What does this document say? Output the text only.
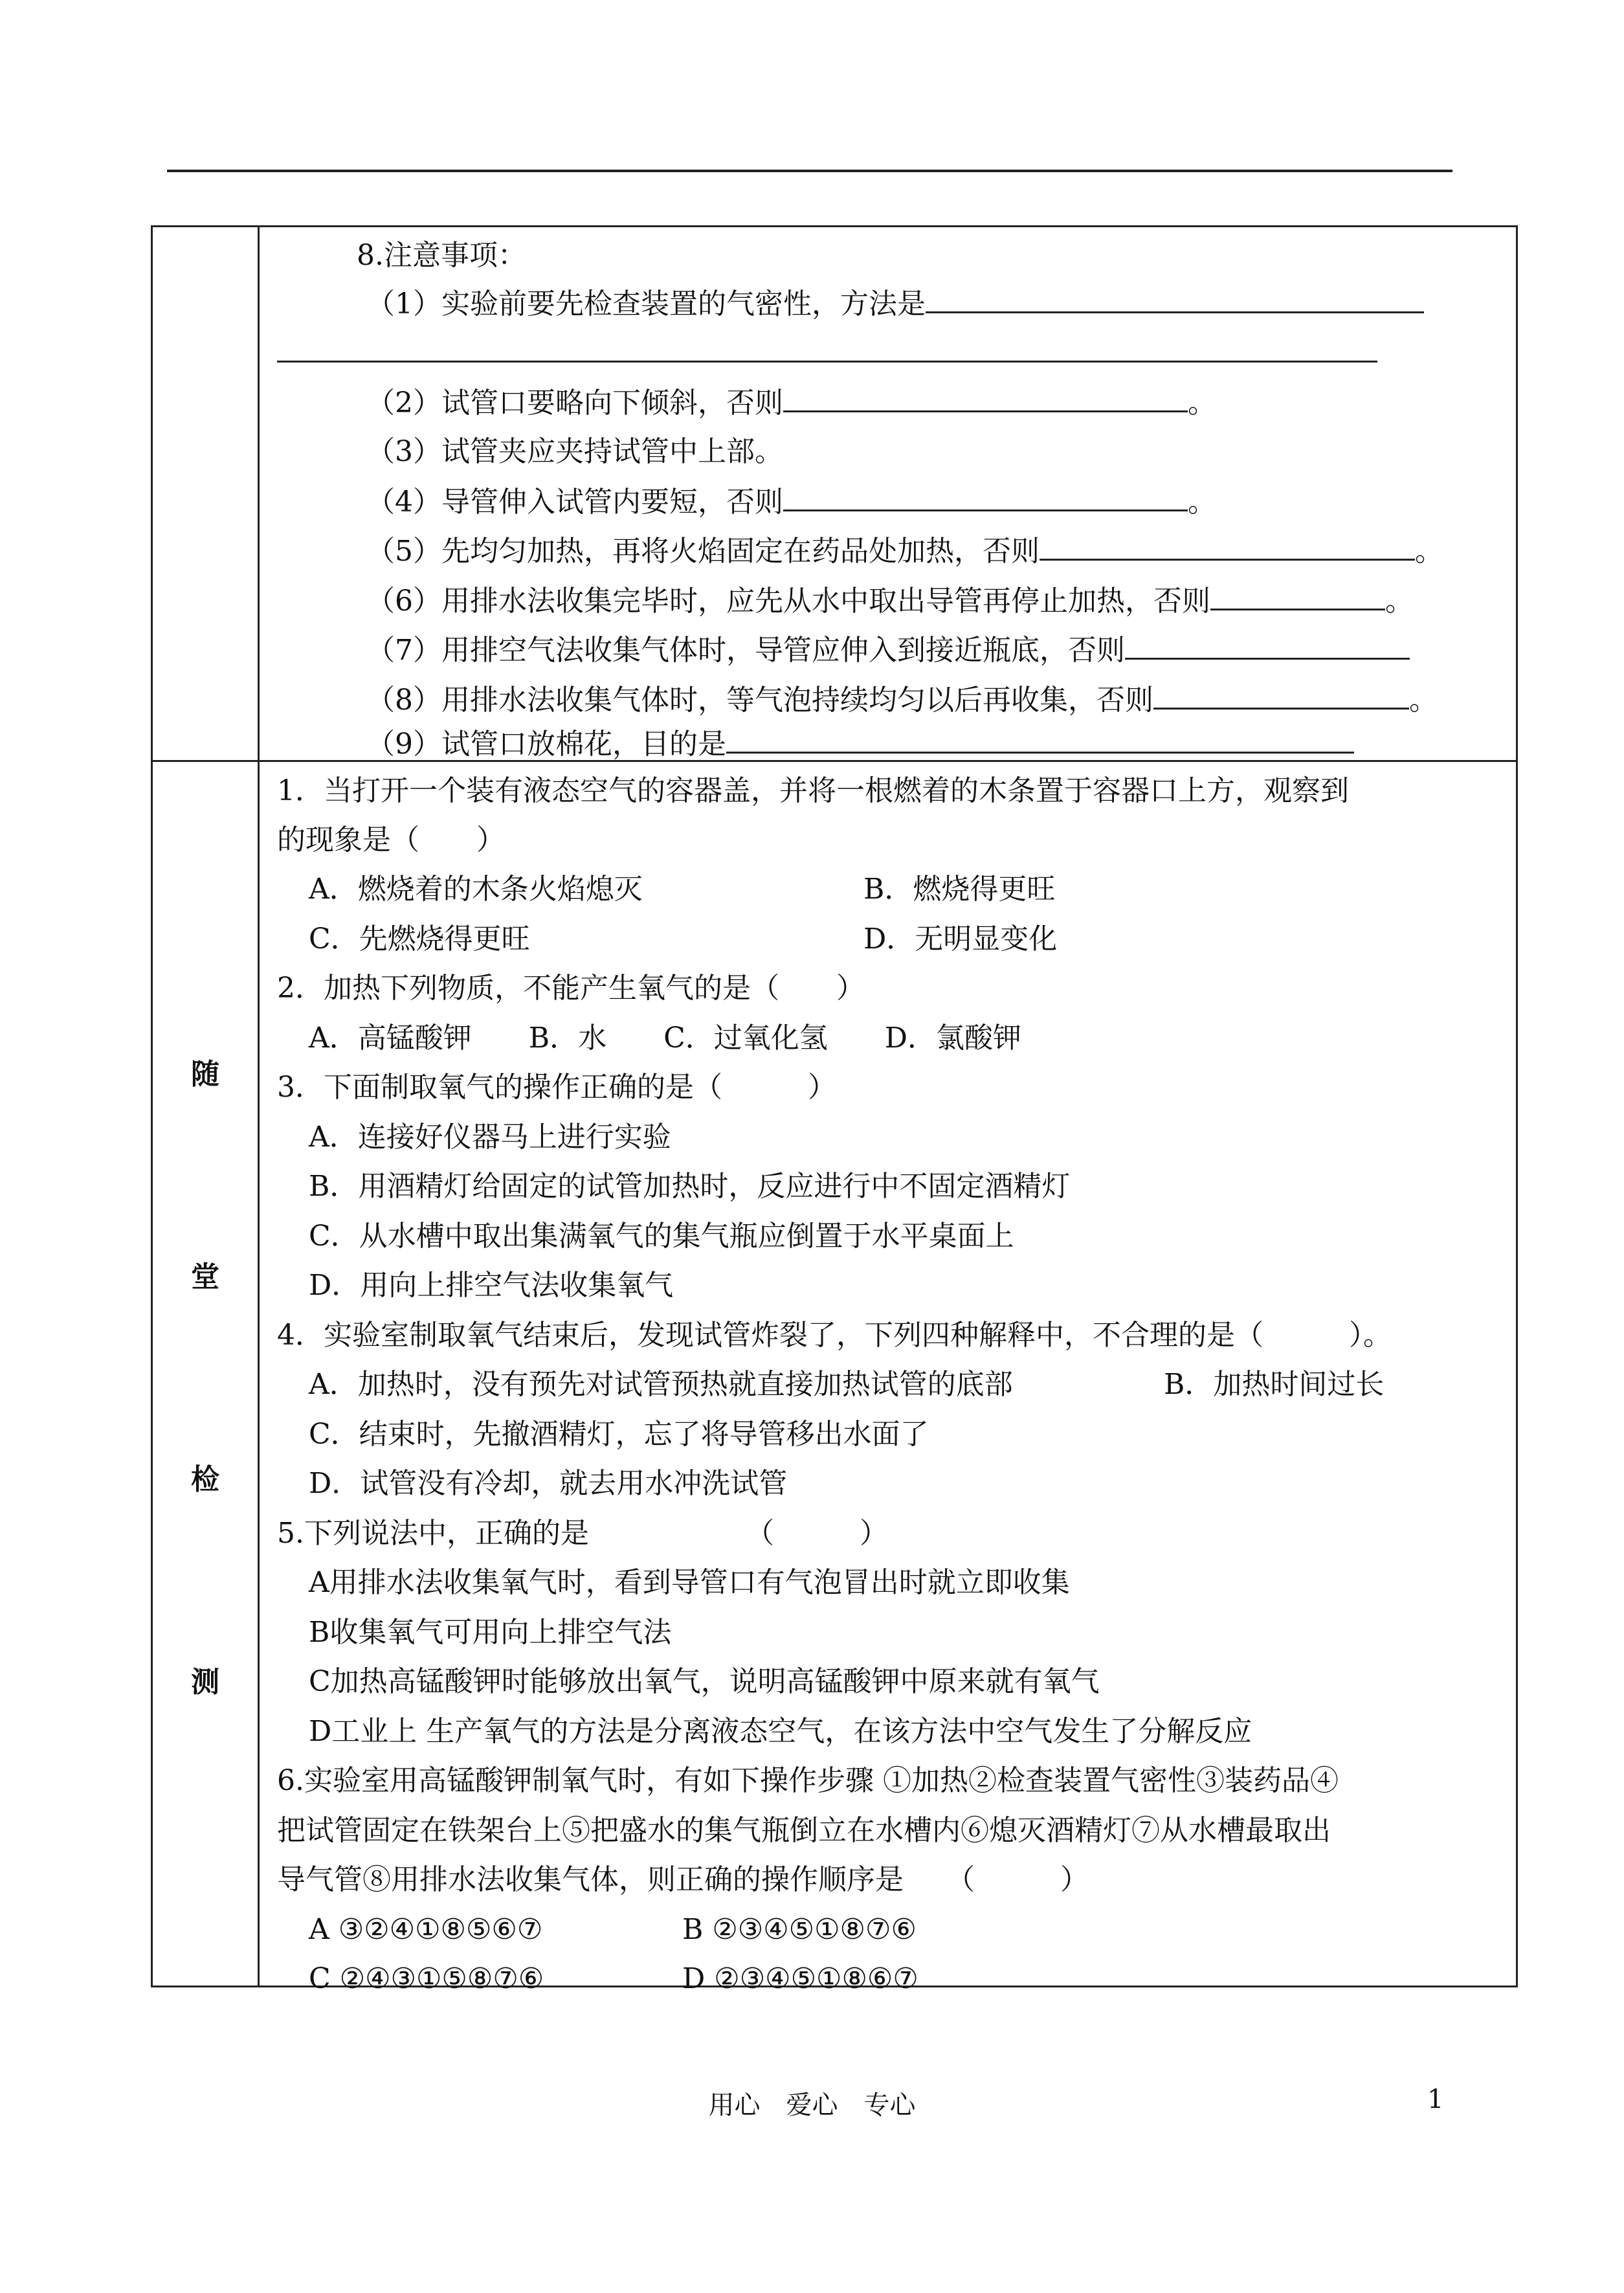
随
堂
检
测
8.注意事项：
（1）实验前要先检查装置的气密性，方法是
（2）试管口要略向下倾斜，否则	。
（3）试管夹应夹持试管中上部。
（4）导管伸入试管内要短，否则	。
（5）先均匀加热，再将火焰固定在药品处加热，否则	。
（6）用排水法收集完毕时，应先从水中取出导管再停止加热，否则	。
（7）用排空气法收集气体时，导管应伸入到接近瓶底，否则
（8）用排水法收集气体时，等气泡持续均匀以后再收集，否则	。
（9）试管口放棉花，目的是
1．当打开一个装有液态空气的容器盖，并将一根燃着的木条置于容器口上方，观察到
的现象是（　　）
A．燃烧着的木条火焰熄灭	B．燃烧得更旺
C．先燃烧得更旺	D．无明显变化
2．加热下列物质，不能产生氧气的是（　　）
A．高锰酸钾　　B．水　　C．过氧化氢　　D．氯酸钾
3．下面制取氧气的操作正确的是（　　　）
A．连接好仪器马上进行实验
B．用酒精灯给固定的试管加热时，反应进行中不固定酒精灯
C．从水槽中取出集满氧气的集气瓶应倒置于水平桌面上
D．用向上排空气法收集氧气
4．实验室制取氧气结束后，发现试管炸裂了，下列四种解释中，不合理的是（　　　）。
A．加热时，没有预先对试管预热就直接加热试管的底部	B．加热时间过长
C．结束时，先撤酒精灯，忘了将导管移出水面了
D．试管没有冷却，就去用水冲洗试管
5.下列说法中，正确的是　　　　　　（　　　）
A用排水法收集氧气时，看到导管口有气泡冒出时就立即收集
B收集氧气可用向上排空气法
C加热高锰酸钾时能够放出氧气，说明高锰酸钾中原来就有氧气
D工业上 生产氧气的方法是分离液态空气，在该方法中空气发生了分解反应
6.实验室用高锰酸钾制氧气时，有如下操作步骤 ①加热②检查装置气密性③装药品④
把试管固定在铁架台上⑤把盛水的集气瓶倒立在水槽内⑥熄灭酒精灯⑦从水槽最取出
导气管⑧用排水法收集气体，则正确的操作顺序是　　（　　　）
A ③②④①⑧⑤⑥⑦	B ②③④⑤①⑧⑦⑥
C ②④③①⑤⑧⑦⑥	D ②③④⑤①⑧⑥⑦
用心　爱心　专心	1
